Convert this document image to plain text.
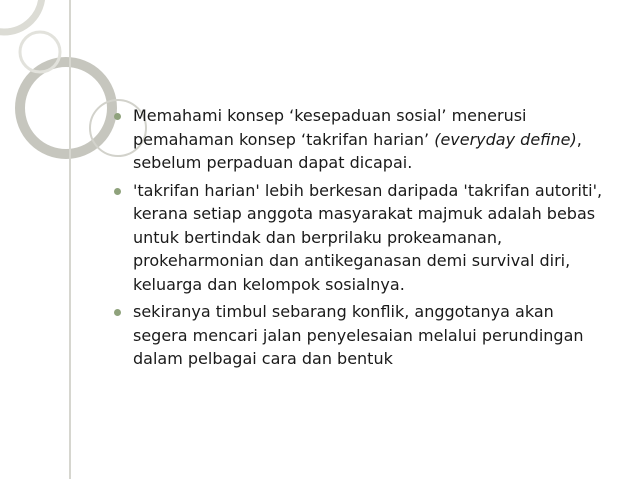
Memahami konsep ‘kesepaduan sosial’ menerusi pemahaman konsep ‘takrifan harian’ (everyday define), sebelum perpaduan dapat dicapai.
'takrifan harian' lebih berkesan daripada 'takrifan autoriti', kerana setiap anggota masyarakat majmuk adalah bebas untuk bertindak dan berprilaku prokeamanan, prokeharmonian dan antikeganasan demi survival diri, keluarga dan kelompok sosialnya.
sekiranya timbul sebarang konflik, anggotanya akan segera mencari jalan penyelesaian melalui perundingan dalam pelbagai cara dan bentuk
